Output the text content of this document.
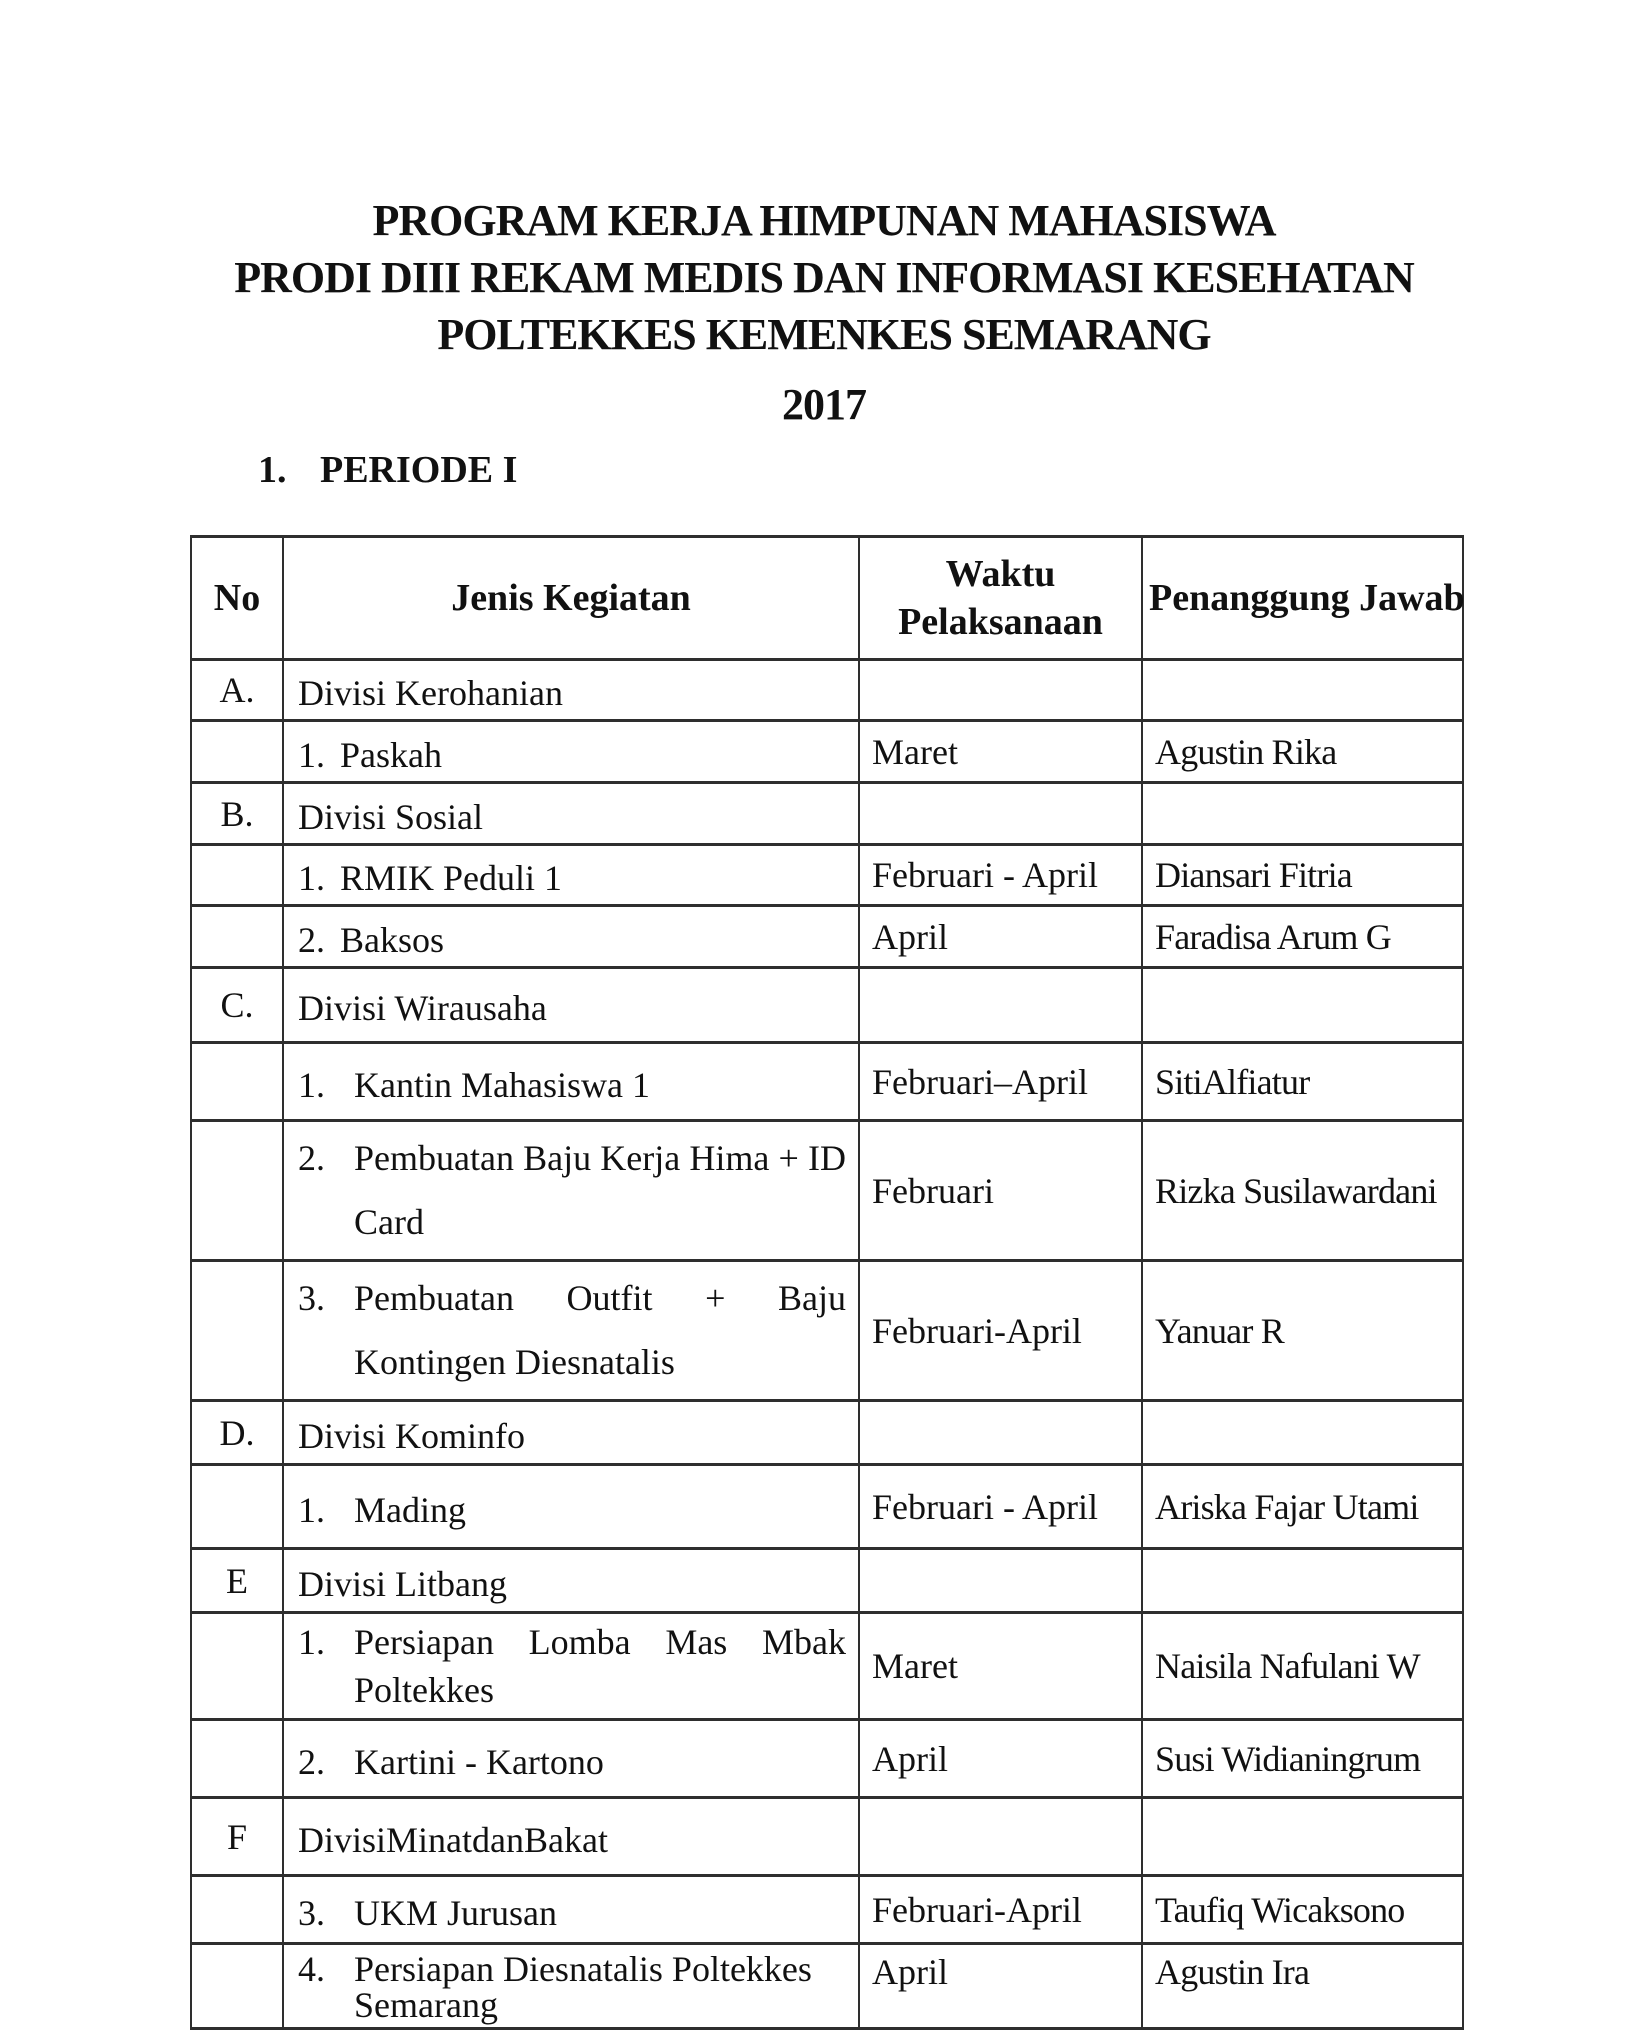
PROGRAM KERJA HIMPUNAN MAHASISWA
PRODI DIII REKAM MEDIS DAN INFORMASI KESEHATAN
POLTEKKES KEMENKES SEMARANG
2017
1. PERIODE I
No	Jenis Kegiatan	Waktu Pelaksanaan	Penanggung Jawab
A.	Divisi Kerohanian		

	1. Paskah	Maret	Agustin Rika
B.	Divisi Sosial		

	1. RMIK Peduli 1	Februari - April	Diansari Fitria

	2. Baksos	April	Faradisa Arum G
C.	Divisi Wirausaha		

	1. Kantin Mahasiswa 1	Februari–April	SitiAlfiatur

	2. Pembuatan Baju Kerja Hima + ID
Card	Februari	Rizka Susilawardani

	3. Pembuatan Outfit + Baju
Kontingen Diesnatalis	Februari-April	Yanuar R
D.	Divisi Kominfo		

	1. Mading	Februari - April	Ariska Fajar Utami
E	Divisi Litbang		

	1. Persiapan Lomba Mas Mbak
Poltekkes	Maret	Naisila Nafulani W

	2. Kartini - Kartono	April	Susi Widianingrum
F	DivisiMinatdanBakat		

	3. UKM Jurusan	Februari-April	Taufiq Wicaksono

	4. Persiapan Diesnatalis Poltekkes
Semarang	April	Agustin Ira
